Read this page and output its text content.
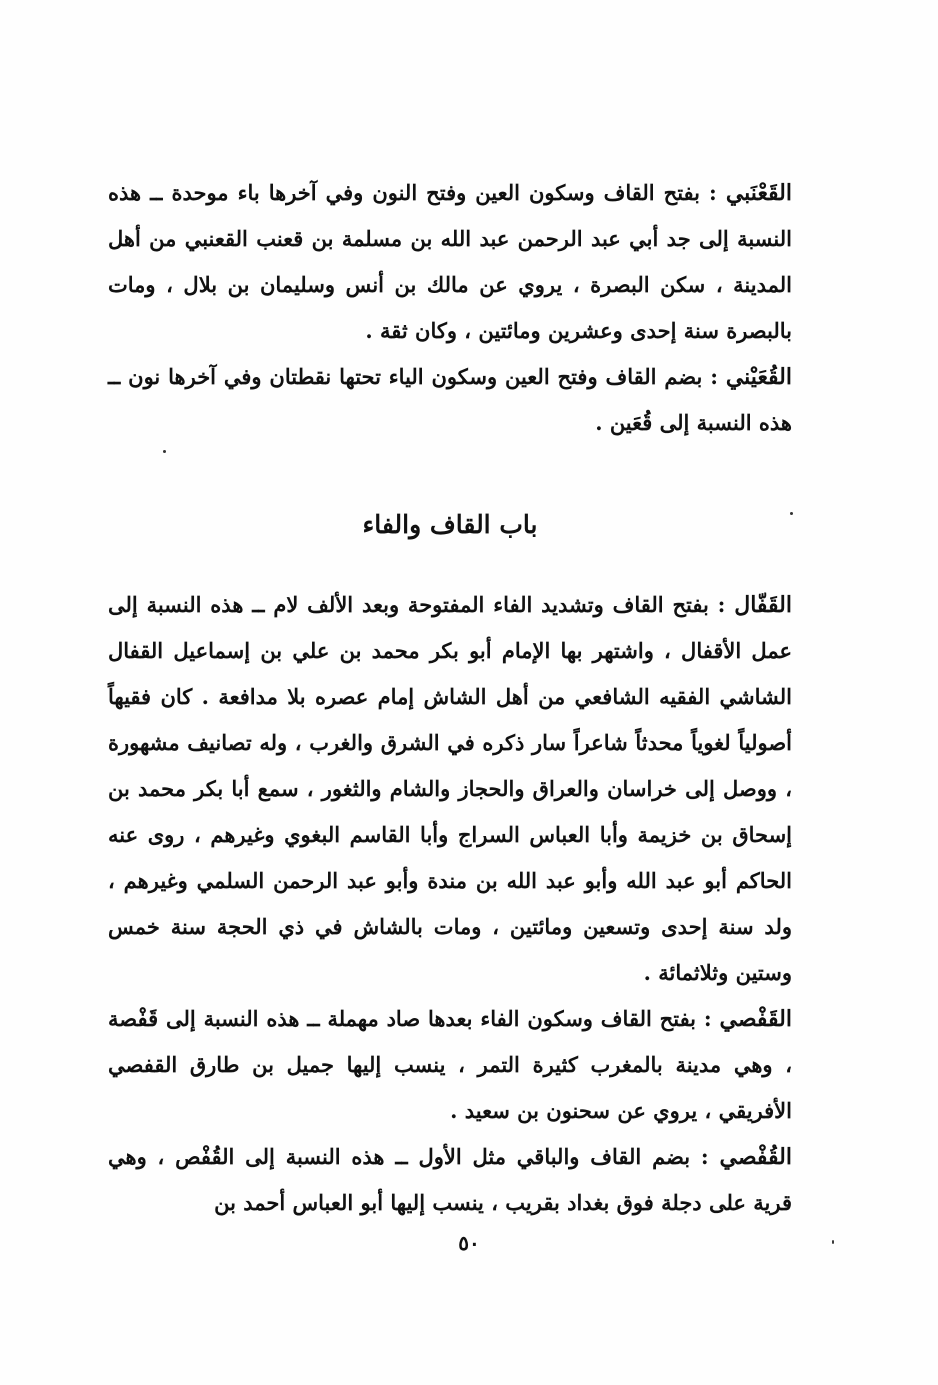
القَعْنَبي : بفتح القاف وسكون العين وفتح النون وفي آخرها باء موحدة ــ هذه النسبة إلى جد أبي عبد الرحمن عبد الله بن مسلمة بن قعنب القعنبي من أهل المدينة ، سكن البصرة ، يروي عن مالك بن أنس وسليمان بن بلال ، ومات بالبصرة سنة إحدى وعشرين ومائتين ، وكان ثقة .

القُعَيْني : بضم القاف وفتح العين وسكون الياء تحتها نقطتان وفي آخرها نون ــ هذه النسبة إلى قُعَين .

باب القاف والفاء

القَفّال : بفتح القاف وتشديد الفاء المفتوحة وبعد الألف لام ــ هذه النسبة إلى عمل الأقفال ، واشتهر بها الإمام أبو بكر محمد بن علي بن إسماعيل القفال الشاشي الفقيه الشافعي من أهل الشاش إمام عصره بلا مدافعة . كان فقيهاً أصولياً لغوياً محدثاً شاعراً سار ذكره في الشرق والغرب ، وله تصانيف مشهورة ، ووصل إلى خراسان والعراق والحجاز والشام والثغور ، سمع أبا بكر محمد بن إسحاق بن خزيمة وأبا العباس السراج وأبا القاسم البغوي وغيرهم ، روى عنه الحاكم أبو عبد الله وأبو عبد الله بن مندة وأبو عبد الرحمن السلمي وغيرهم ، ولد سنة إحدى وتسعين ومائتين ، ومات بالشاش في ذي الحجة سنة خمس وستين وثلاثمائة .

القَفْصي : بفتح القاف وسكون الفاء بعدها صاد مهملة ــ هذه النسبة إلى قَفْصة ، وهي مدينة بالمغرب كثيرة التمر ، ينسب إليها جميل بن طارق القفصي الأفريقي ، يروي عن سحنون بن سعيد .

القُفْصي : بضم القاف والباقي مثل الأول ــ هذه النسبة إلى القُفْص ، وهي قرية على دجلة فوق بغداد بقريب ، ينسب إليها أبو العباس أحمد بن

٥٠
